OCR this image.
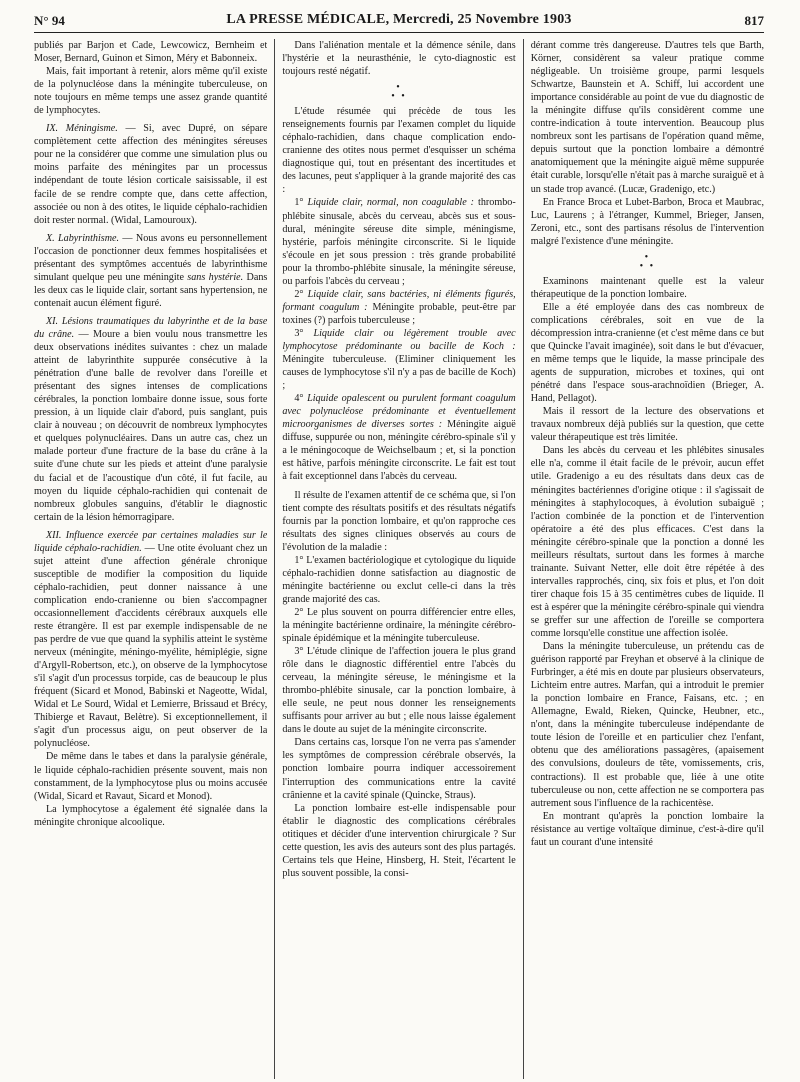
N° 94	LA PRESSE MÉDICALE, Mercredi, 25 Novembre 1903	817

publiés par Barjon et Cade, Lewcowicz, Bernheim et Moser, Bernard, Guinon et Simon, Méry et Babonneix.

Mais, fait important à retenir, alors même qu'il existe de la polynucléose dans la méningite tuberculeuse, on note toujours en même temps une assez grande quantité de lymphocytes.

IX. Méningisme. — Si, avec Dupré, on sépare complètement cette affection des méningites séreuses pour ne la considérer que comme une simulation plus ou moins parfaite des méningites par un processus indépendant de toute lésion corticale saisissable, il est facile de se rendre compte que, dans cette affection, associée ou non à des otites, le liquide céphalo-rachidien doit rester normal. (Widal, Lamouroux).

X. Labyrinthisme. — Nous avons eu personnellement l'occasion de ponctionner deux femmes hospitalisées et présentant des symptômes accentués de labyrinthisme simulant quelque peu une méningite sans hystérie. Dans les deux cas le liquide clair, sortant sans hypertension, ne contenait aucun élément figuré.

XI. Lésions traumatiques du labyrinthe et de la base du crâne. — Moure a bien voulu nous transmettre les deux observations inédites suivantes : chez un malade atteint de labyrinthite suppurée consécutive à la pénétration d'une balle de revolver dans l'oreille et présentant des signes intenses de complications cérébrales, la ponction lombaire donne issue, sous forte pression, à un liquide clair d'abord, puis sanglant, puis clair à nouveau ; on découvrit de nombreux lymphocytes et quelques polynucléaires. Dans un autre cas, chez un malade porteur d'une fracture de la base du crâne à la suite d'une chute sur les pieds et atteint d'une paralysie du facial et de l'acoustique d'un côté, il fut facile, au moyen du liquide céphalo-rachidien qui contenait de nombreux globules sanguins, d'établir le diagnostic certain de la lésion hémorragipare.

XII. Influence exercée par certaines maladies sur le liquide céphalo-rachidien. — Une otite évoluant chez un sujet atteint d'une affection générale chronique susceptible de modifier la composition du liquide céphalo-rachidien, peut donner naissance à une complication endo-cranienne ou bien s'accompagner occasionnellement d'accidents cérébraux auxquels elle reste étrangère. Il est par exemple indispensable de ne pas perdre de vue que quand la syphilis atteint le système nerveux (méningite, méningo-myélite, hémiplégie, signe d'Argyll-Robertson, etc.), on observe de la lymphocytose s'il s'agit d'un processus torpide, cas de beaucoup le plus fréquent (Sicard et Monod, Babinski et Nageotte, Widal, Widal et Le Sourd, Widal et Lemierre, Brissaud et Brécy, Thibierge et Ravaut, Belètre). Si exceptionnellement, il s'agit d'un processus aigu, on peut observer de la polynucléose.

De même dans le tabes et dans la paralysie générale, le liquide céphalo-rachidien présente souvent, mais non constamment, de la lymphocytose plus ou moins accusée (Widal, Sicard et Ravaut, Sicard et Monod).

La lymphocytose a également été signalée dans la méningite chronique alcoolique.

Dans l'aliénation mentale et la démence sénile, dans l'hystérie et la neurasthénie, le cyto-diagnostic est toujours resté négatif.

•
• •

L'étude résumée qui précède de tous les renseignements fournis par l'examen complet du liquide céphalo-rachidien, dans chaque complication endo-cranienne des otites nous permet d'esquisser un schéma diagnostique qui, tout en présentant des incertitudes et des lacunes, peut s'appliquer à la grande majorité des cas :

1° Liquide clair, normal, non coagulable : thrombo-phlébite sinusale, abcès du cerveau, abcès sus et sous-dural, méningite séreuse dite simple, méningisme, hystérie, parfois méningite circonscrite. Si le liquide s'écoule en jet sous pression : très grande probabilité pour la thrombo-phlébite sinusale, la méningite séreuse, ou parfois l'abcès du cerveau ;

2° Liquide clair, sans bactéries, ni éléments figurés, formant coagulum : Méningite probable, peut-être par toxines (?) parfois tuberculeuse ;

3° Liquide clair ou légèrement trouble avec lymphocytose prédominante ou bacille de Koch : Méningite tuberculeuse. (Eliminer cliniquement les causes de lymphocytose s'il n'y a pas de bacille de Koch) ;

4° Liquide opalescent ou purulent formant coagulum avec polynucléose prédominante et éventuellement microorganismes de diverses sortes : Méningite aiguë diffuse, suppurée ou non, méningite cérébro-spinale s'il y a le méningocoque de Weichselbaum ; et, si la ponction est hâtive, parfois méningite circonscrite. Le fait est tout à fait exceptionnel dans l'abcès du cerveau.

Il résulte de l'examen attentif de ce schéma que, si l'on tient compte des résultats positifs et des résultats négatifs fournis par la ponction lombaire, et qu'on rapproche ces résultats des signes cliniques observés au cours de l'évolution de la maladie :

1° L'examen bactériologique et cytologique du liquide céphalo-rachidien donne satisfaction au diagnostic de méningite bactérienne ou exclut celle-ci dans la très grande majorité des cas.

2° Le plus souvent on pourra différencier entre elles, la méningite bactérienne ordinaire, la méningite cérébro-spinale épidémique et la méningite tuberculeuse.

3° L'étude clinique de l'affection jouera le plus grand rôle dans le diagnostic différentiel entre l'abcès du cerveau, la méningite séreuse, le méningisme et la thrombo-phlébite sinusale, car la ponction lombaire, à elle seule, ne peut nous donner les renseignements suffisants pour arriver au but ; elle nous laisse également dans le doute au sujet de la méningite circonscrite.

Dans certains cas, lorsque l'on ne verra pas s'amender les symptômes de compression cérébrale observés, la ponction lombaire pourra indiquer accessoirement l'interruption des communications entre la cavité crânienne et la cavité spinale (Quincke, Straus).

La ponction lombaire est-elle indispensable pour établir le diagnostic des complications cérébrales otitiques et décider d'une intervention chirurgicale ? Sur cette question, les avis des auteurs sont des plus partagés. Certains tels que Heine, Hinsberg, H. Steit, l'écartent le plus souvent possible, la consi-

dérant comme très dangereuse. D'autres tels que Barth, Körner, considèrent sa valeur pratique comme négligeable. Un troisième groupe, parmi lesquels Schwartze, Baunstein et A. Schiff, lui accordent une importance considérable au point de vue du diagnostic de la méningite diffuse qu'ils considèrent comme une contre-indication à toute intervention. Beaucoup plus nombreux sont les partisans de l'opération quand même, depuis surtout que la ponction lombaire a démontré anatomiquement que la méningite aiguë même suppurée était curable, lorsqu'elle n'était pas à marche suraiguë et à un stade trop avancé. (Lucæ, Gradenigo, etc.)

En France Broca et Lubet-Barbon, Broca et Maubrac, Luc, Laurens ; à l'étranger, Kummel, Brieger, Jansen, Zeroni, etc., sont des partisans résolus de l'intervention malgré l'existence d'une méningite.

•
• •

Examinons maintenant quelle est la valeur thérapeutique de la ponction lombaire.

Elle a été employée dans des cas nombreux de complications cérébrales, soit en vue de la décompression intra-cranienne (et c'est même dans ce but que Quincke l'avait imaginée), soit dans le but d'évacuer, en même temps que le liquide, la masse principale des agents de suppuration, microbes et toxines, qui ont pénétré dans l'espace sous-arachnoïdien (Brieger, A. Hand, Pellagot).

Mais il ressort de la lecture des observations et travaux nombreux déjà publiés sur la question, que cette valeur thérapeutique est très limitée.

Dans les abcès du cerveau et les phlébites sinusales elle n'a, comme il était facile de le prévoir, aucun effet utile. Gradenigo a eu des résultats dans deux cas de méningites bactériennes d'origine otique : il s'agissait de méningites à staphylocoques, à évolution subaiguë ; l'action combinée de la ponction et de l'intervention opératoire a été des plus efficaces. C'est dans la méningite cérébro-spinale que la ponction a donné les meilleurs résultats, surtout dans les formes à marche trainante. Suivant Netter, elle doit être répétée à des intervalles rapprochés, cinq, six fois et plus, et l'on doit tirer chaque fois 15 à 35 centimètres cubes de liquide. Il est à espérer que la méningite cérébro-spinale qui viendra se greffer sur une affection de l'oreille se comportera comme lorsqu'elle constitue une affection isolée.

Dans la méningite tuberculeuse, un prétendu cas de guérison rapporté par Freyhan et observé à la clinique de Furbringer, a été mis en doute par plusieurs observateurs, Lichteim entre autres. Marfan, qui a introduit le premier la ponction lombaire en France, Faisans, etc. ; en Allemagne, Ewald, Rieken, Quincke, Heubner, etc., n'ont, dans la méningite tuberculeuse indépendante de toute lésion de l'oreille et en particulier chez l'enfant, obtenu que des améliorations passagères, (apaisement des convulsions, douleurs de tête, vomissements, cris, contractions). Il est probable que, liée à une otite tuberculeuse ou non, cette affection ne se comportera pas autrement sous l'influence de la rachicentèse.

En montrant qu'après la ponction lombaire la résistance au vertige voltaïque diminue, c'est-à-dire qu'il faut un courant d'une intensité
